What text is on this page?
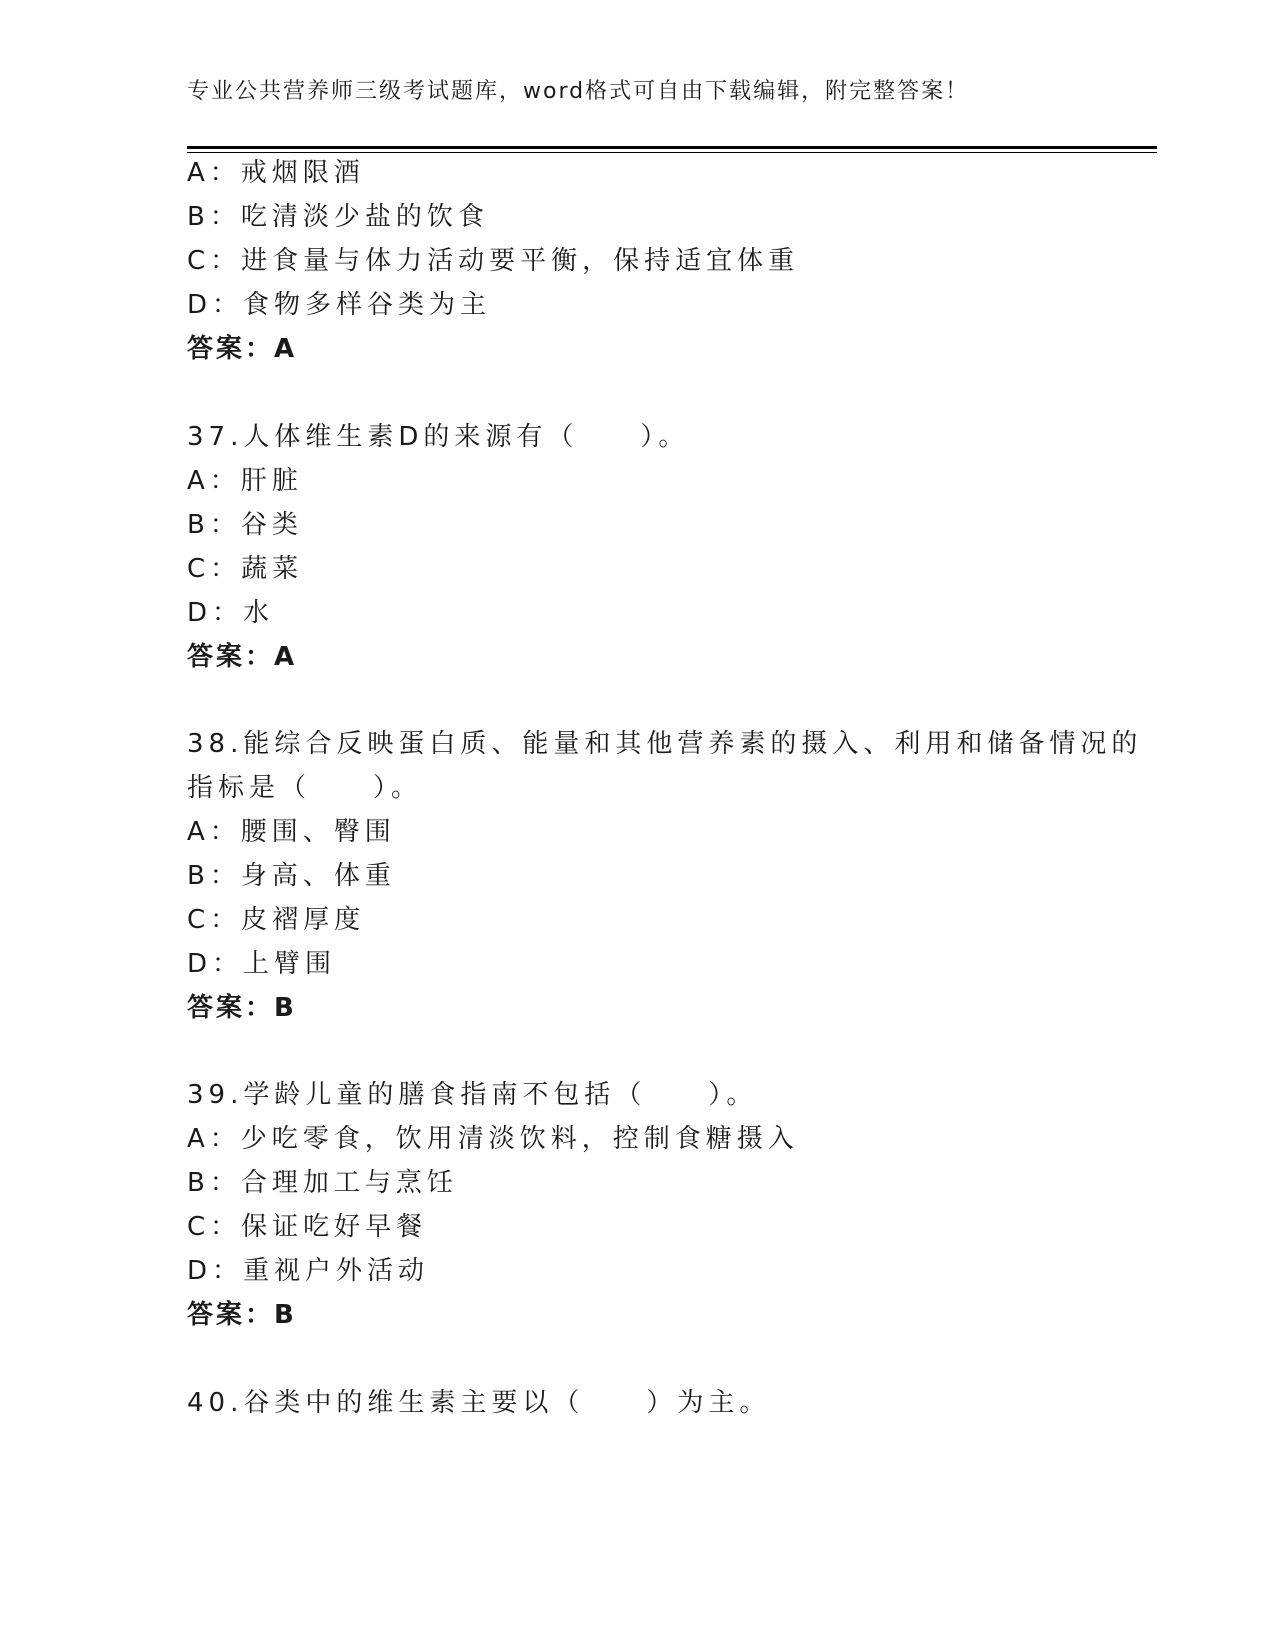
专业公共营养师三级考试题库，word格式可自由下载编辑，附完整答案！
A：戒烟限酒
B：吃清淡少盐的饮食
C：进食量与体力活动要平衡，保持适宜体重
D：食物多样谷类为主
答案：A
37.人体维生素D的来源有（　　）。
A：肝脏
B：谷类
C：蔬菜
D：水
答案：A
38.能综合反映蛋白质、能量和其他营养素的摄入、利用和储备情况的
指标是（　　）。
A：腰围、臀围
B：身高、体重
C：皮褶厚度
D：上臂围
答案：B
39.学龄儿童的膳食指南不包括（　　）。
A：少吃零食，饮用清淡饮料，控制食糖摄入
B：合理加工与烹饪
C：保证吃好早餐
D：重视户外活动
答案：B
40.谷类中的维生素主要以（　　）为主。
